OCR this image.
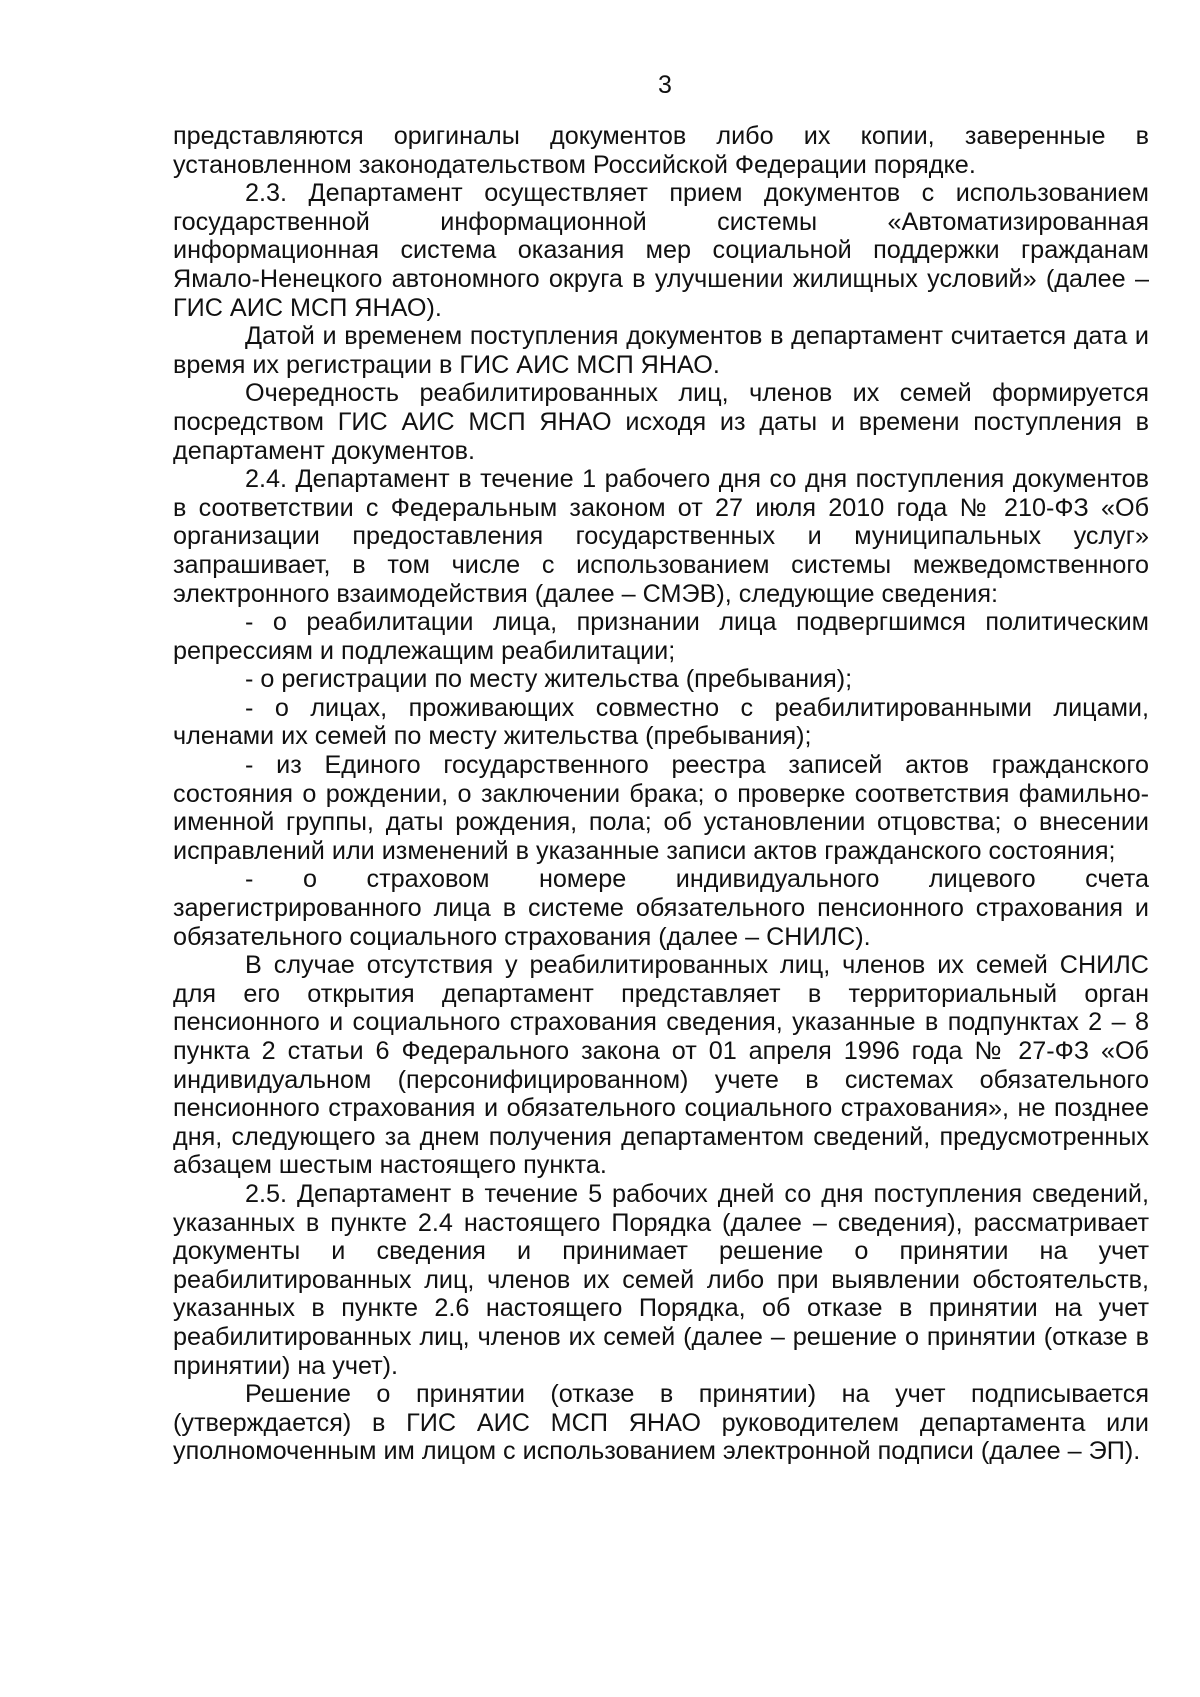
3

представляются оригиналы документов либо их копии, заверенные в установленном законодательством Российской Федерации порядке.

2.3. Департамент осуществляет прием документов с использованием государственной информационной системы «Автоматизированная информационная система оказания мер социальной поддержки гражданам Ямало-Ненецкого автономного округа в улучшении жилищных условий» (далее – ГИС АИС МСП ЯНАО).

Датой и временем поступления документов в департамент считается дата и время их регистрации в ГИС АИС МСП ЯНАО.

Очередность реабилитированных лиц, членов их семей формируется посредством ГИС АИС МСП ЯНАО исходя из даты и времени поступления в департамент документов.

2.4. Департамент в течение 1 рабочего дня со дня поступления документов в соответствии с Федеральным законом от 27 июля 2010 года № 210-ФЗ «Об организации предоставления государственных и муниципальных услуг» запрашивает, в том числе с использованием системы межведомственного электронного взаимодействия (далее – СМЭВ), следующие сведения:

- о реабилитации лица, признании лица подвергшимся политическим репрессиям и подлежащим реабилитации;

- о регистрации по месту жительства (пребывания);

- о лицах, проживающих совместно с реабилитированными лицами, членами их семей по месту жительства (пребывания);

- из Единого государственного реестра записей актов гражданского состояния о рождении, о заключении брака; о проверке соответствия фамильно-именной группы, даты рождения, пола; об установлении отцовства; о внесении исправлений или изменений в указанные записи актов гражданского состояния;

- о страховом номере индивидуального лицевого счета зарегистрированного лица в системе обязательного пенсионного страхования и обязательного социального страхования (далее – СНИЛС).

В случае отсутствия у реабилитированных лиц, членов их семей СНИЛС для его открытия департамент представляет в территориальный орган пенсионного и социального страхования сведения, указанные в подпунктах 2 – 8 пункта 2 статьи 6 Федерального закона от 01 апреля 1996 года № 27-ФЗ «Об индивидуальном (персонифицированном) учете в системах обязательного пенсионного страхования и обязательного социального страхования», не позднее дня, следующего за днем получения департаментом сведений, предусмотренных абзацем шестым настоящего пункта.

2.5. Департамент в течение 5 рабочих дней со дня поступления сведений, указанных в пункте 2.4 настоящего Порядка (далее – сведения), рассматривает документы и сведения и принимает решение о принятии на учет реабилитированных лиц, членов их семей либо при выявлении обстоятельств, указанных в пункте 2.6 настоящего Порядка, об отказе в принятии на учет реабилитированных лиц, членов их семей (далее – решение о принятии (отказе в принятии) на учет).

Решение о принятии (отказе в принятии) на учет подписывается (утверждается) в ГИС АИС МСП ЯНАО руководителем департамента или уполномоченным им лицом с использованием электронной подписи (далее – ЭП).
